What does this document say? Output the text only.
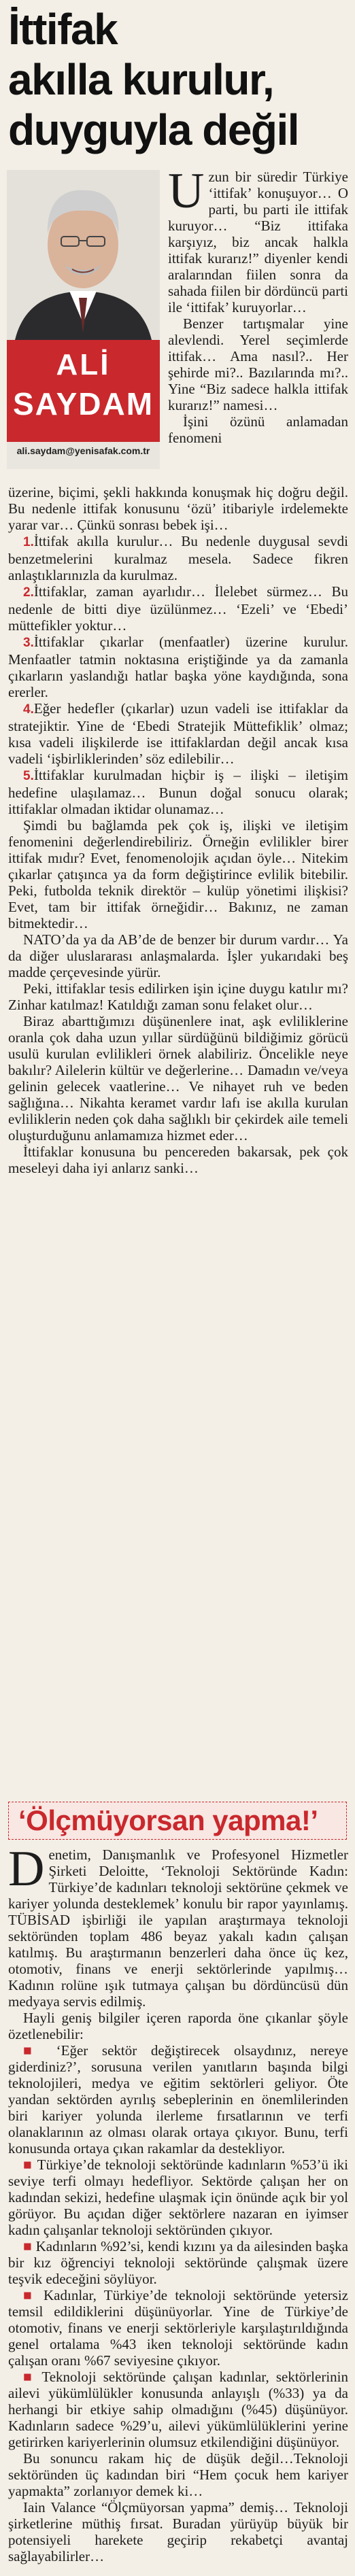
İttifak
akılla kurulur,
duyguyla değil
ALİ
SAYDAM
ali.saydam@yenisafak.com.tr

Uzun bir süredir Türkiye ‘ittifak’ konuşuyor… O parti, bu parti ile ittifak kuruyor… “Biz ittifaka karşıyız, biz ancak halkla ittifak kurarız!” diyenler kendi aralarından fiilen sonra da sahada fiilen bir dördüncü parti ile ‘ittifak’ kuruyorlar…

Benzer tartışmalar yine alevlendi. Yerel seçimlerde ittifak… Ama nasıl?.. Her şehirde mi?.. Bazılarında mı?.. Yine “Biz sadece halkla ittifak kurarız!” namesi…

İşini özünü anlamadan fenomeni

üzerine, biçimi, şekli hakkında konuşmak hiç doğru değil. Bu nedenle ittifak konusunu ‘özü’ itibariyle irdelemekte yarar var… Çünkü sonrası bebek işi…

1.İttifak akılla kurulur… Bu nedenle duygusal sevdi benzetmelerini kuralmaz mesela. Sadece fikren anlaştıklarınızla da kurulmaz.

2.İttifaklar, zaman ayarlıdır… İlelebet sürmez… Bu nedenle de bitti diye üzülünmez… ‘Ezeli’ ve ‘Ebedi’ müttefikler yoktur…

3.İttifaklar çıkarlar (menfaatler) üzerine kurulur. Menfaatler tatmin noktasına eriştiğinde ya da zamanla çıkarların yaslandığı hatlar başka yöne kaydığında, sona ererler.

4.Eğer hedefler (çıkarlar) uzun vadeli ise ittifaklar da stratejiktir. Yine de ‘Ebedi Stratejik Müttefiklik’ olmaz; kısa vadeli ilişkilerde ise ittifaklardan değil ancak kısa vadeli ‘işbirliklerinden’ söz edilebilir…

5.İttifaklar kurulmadan hiçbir iş – ilişki – iletişim hedefine ulaşılamaz… Bunun doğal sonucu olarak; ittifaklar olmadan iktidar olunamaz…

Şimdi bu bağlamda pek çok iş, ilişki ve iletişim fenomenini değerlendirebiliriz. Örneğin evlilikler birer ittifak mıdır? Evet, fenomenolojik açıdan öyle… Nitekim çıkarlar çatışınca ya da form değiştirince evlilik bitebilir. Peki, futbolda teknik direktör – kulüp yönetimi ilişkisi? Evet, tam bir ittifak örneğidir… Bakınız, ne zaman bitmektedir…

NATO’da ya da AB’de de benzer bir durum vardır… Ya da diğer uluslararası anlaşmalarda. İşler yukarıdaki beş madde çerçevesinde yürür.

Peki, ittifaklar tesis edilirken işin içine duygu katılır mı? Zinhar katılmaz! Katıldığı zaman sonu felaket olur…

Biraz abarttığımızı düşünenlere inat, aşk evliliklerine oranla çok daha uzun yıllar sürdüğünü bildiğimiz görücü usulü kurulan evlilikleri örnek alabiliriz. Öncelikle neye bakılır? Ailelerin kültür ve değerlerine… Damadın ve/veya gelinin gelecek vaatlerine… Ve nihayet ruh ve beden sağlığına… Nikahta keramet vardır lafı ise akılla kurulan evliliklerin neden çok daha sağlıklı bir çekirdek aile temeli oluşturduğunu anlamamıza hizmet eder…

İttifaklar konusuna bu pencereden bakarsak, pek çok meseleyi daha iyi anlarız sanki…

‘Ölçmüyorsan yapma!’

Denetim, Danışmanlık ve Profesyonel Hizmetler Şirketi Deloitte, ‘Teknoloji Sektöründe Kadın: Türkiye’de kadınları teknoloji sektörüne çekmek ve kariyer yolunda desteklemek’ konulu bir rapor yayınlamış. TÜBİSAD işbirliği ile yapılan araştırmaya teknoloji sektöründen toplam 486 beyaz yakalı kadın çalışan katılmış. Bu araştırmanın benzerleri daha önce üç kez, otomotiv, finans ve enerji sektörlerinde yapılmış… Kadının rolüne ışık tutmaya çalışan bu dördüncüsü dün medyaya servis edilmiş.

Hayli geniş bilgiler içeren raporda öne çıkanlar şöyle özetlenebilir:

■ ‘Eğer sektör değiştirecek olsaydınız, nereye giderdiniz?’, sorusuna verilen yanıtların başında bilgi teknolojileri, medya ve eğitim sektörleri geliyor. Öte yandan sektörden ayrılış sebeplerinin en önemlilerinden biri kariyer yolunda ilerleme fırsatlarının ve terfi olanaklarının az olması olarak ortaya çıkıyor. Bunu, terfi konusunda ortaya çıkan rakamlar da destekliyor.

■ Türkiye’de teknoloji sektöründe kadınların %53’ü iki seviye terfi olmayı hedefliyor. Sektörde çalışan her on kadından sekizi, hedefine ulaşmak için önünde açık bir yol görüyor. Bu açıdan diğer sektörlere nazaran en iyimser kadın çalışanlar teknoloji sektöründen çıkıyor.

■ Kadınların %92’si, kendi kızını ya da ailesinden başka bir kız öğrenciyi teknoloji sektöründe çalışmak üzere teşvik edeceğini söylüyor.

■ Kadınlar, Türkiye’de teknoloji sektöründe yetersiz temsil edildiklerini düşünüyorlar. Yine de Türkiye’de otomotiv, finans ve enerji sektörleriyle karşılaştırıldığında genel ortalama %43 iken teknoloji sektöründe kadın çalışan oranı %67 seviyesine çıkıyor.

■ Teknoloji sektöründe çalışan kadınlar, sektörlerinin ailevi yükümlülükler konusunda anlayışlı (%33) ya da herhangi bir etkiye sahip olmadığını (%45) düşünüyor. Kadınların sadece %29’u, ailevi yükümlülüklerini yerine getirirken kariyerlerinin olumsuz etkilendiğini düşünüyor.

Bu sonuncu rakam hiç de düşük değil…Teknoloji sektöründen üç kadından biri “Hem çocuk hem kariyer yapmakta” zorlanıyor demek ki…

Iain Valance “Ölçmüyorsan yapma” demiş… Teknoloji şirketlerine müthiş fırsat. Buradan yürüyüp büyük bir potensiyeli harekete geçirip rekabetçi avantaj sağlayabilirler…
